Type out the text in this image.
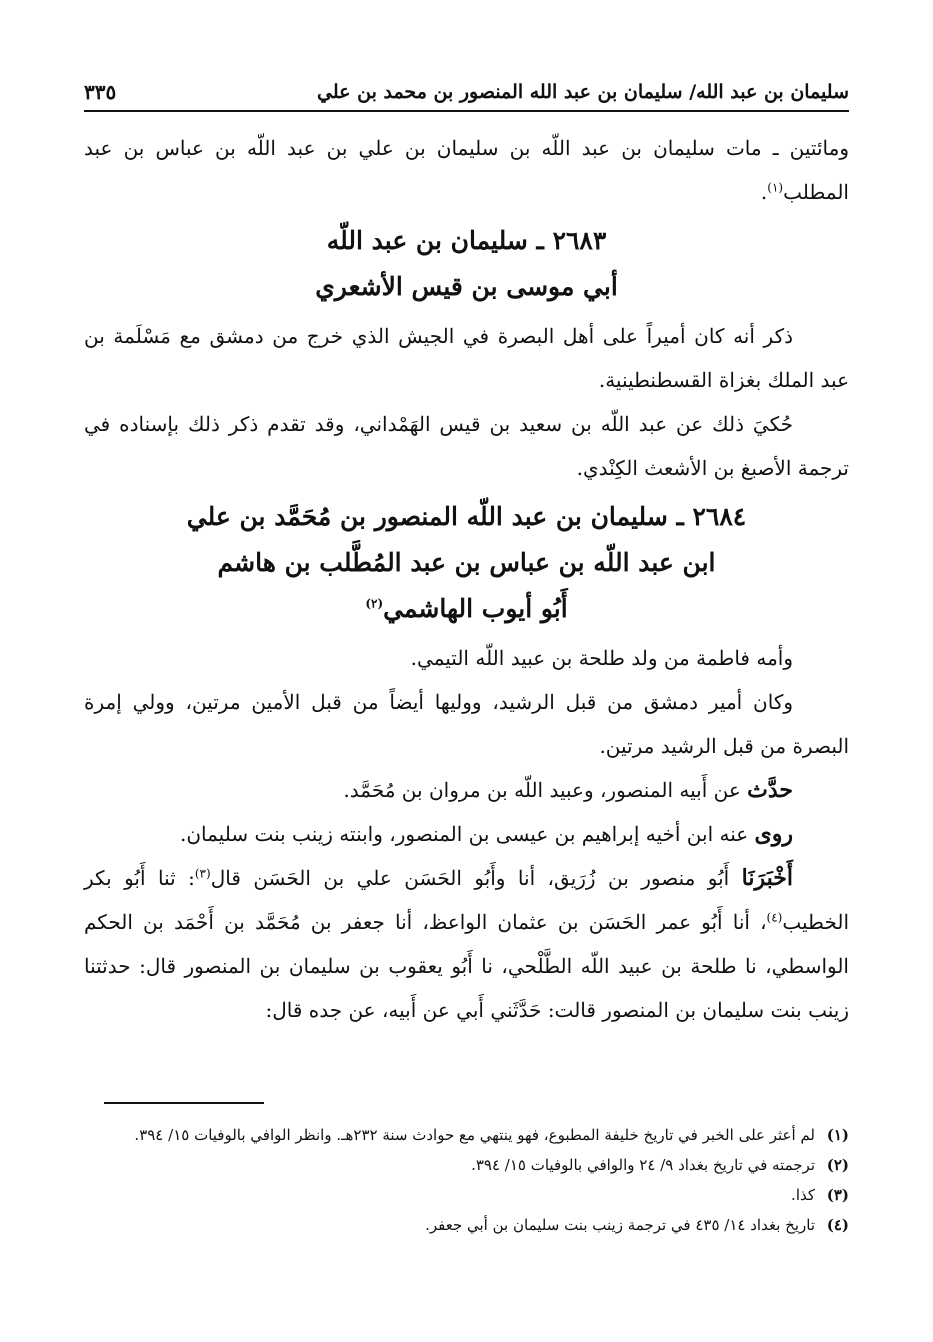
سليمان بن عبد الله/ سليمان بن عبد الله المنصور بن محمد بن علي
٣٣٥

ومائتين ـ مات سليمان بن عبد اللّه بن سليمان بن علي بن عبد اللّه بن عباس بن عبد المطلب$^{(١)}$.

٢٦٨٣ ـ سليمان بن عبد اللّه
أبي موسى بن قيس الأشعري

ذكر أنه كان أميراً على أهل البصرة في الجيش الذي خرج من دمشق مع مَسْلَمة بن عبد الملك بغزاة القسطنطينية.

حُكيَ ذلك عن عبد اللّه بن سعيد بن قيس الهَمْداني، وقد تقدم ذكر ذلك بإسناده في ترجمة الأصبغ بن الأشعث الكِنْدي.

٢٦٨٤ ـ سليمان بن عبد اللّه المنصور بن مُحَمَّد بن علي
ابن عبد اللّه بن عباس بن عبد المُطَّلب بن هاشم
أَبُو أيوب الهاشمي$^{(٢)}$

وأمه فاطمة من ولد طلحة بن عبيد اللّه التيمي.

وكان أمير دمشق من قبل الرشيد، ووليها أيضاً من قبل الأمين مرتين، وولي إمرة البصرة من قبل الرشيد مرتين.

حدَّث عن أَبيه المنصور، وعبيد اللّه بن مروان بن مُحَمَّد.

روى عنه ابن أخيه إبراهيم بن عيسى بن المنصور، وابنته زينب بنت سليمان.

أَخْبَرَنَا أَبُو منصور بن زُرَيق، أنا وأَبُو الحَسَن علي بن الحَسَن قال$^{(٣)}$: ثنا أَبُو بكر الخطيب$^{(٤)}$، أنا أَبُو عمر الحَسَن بن عثمان الواعظ، أنا جعفر بن مُحَمَّد بن أَحْمَد بن الحكم الواسطي، نا طلحة بن عبيد اللّه الطَّلْحي، نا أَبُو يعقوب بن سليمان بن المنصور قال: حدثتنا زينب بنت سليمان بن المنصور قالت: حَدَّثَني أَبي عن أَبيه، عن جده قال:

(١)
لم أعثر على الخبر في تاريخ خليفة المطبوع، فهو ينتهي مع حوادث سنة ٢٣٢هـ. وانظر الوافي بالوفيات ١٥/ ٣٩٤.
(٢)
ترجمته في تاريخ بغداد ٩/ ٢٤ والوافي بالوفيات ١٥/ ٣٩٤.
(٣)
كذا.
(٤)
تاريخ بغداد ١٤/ ٤٣٥ في ترجمة زينب بنت سليمان بن أبي جعفر.
